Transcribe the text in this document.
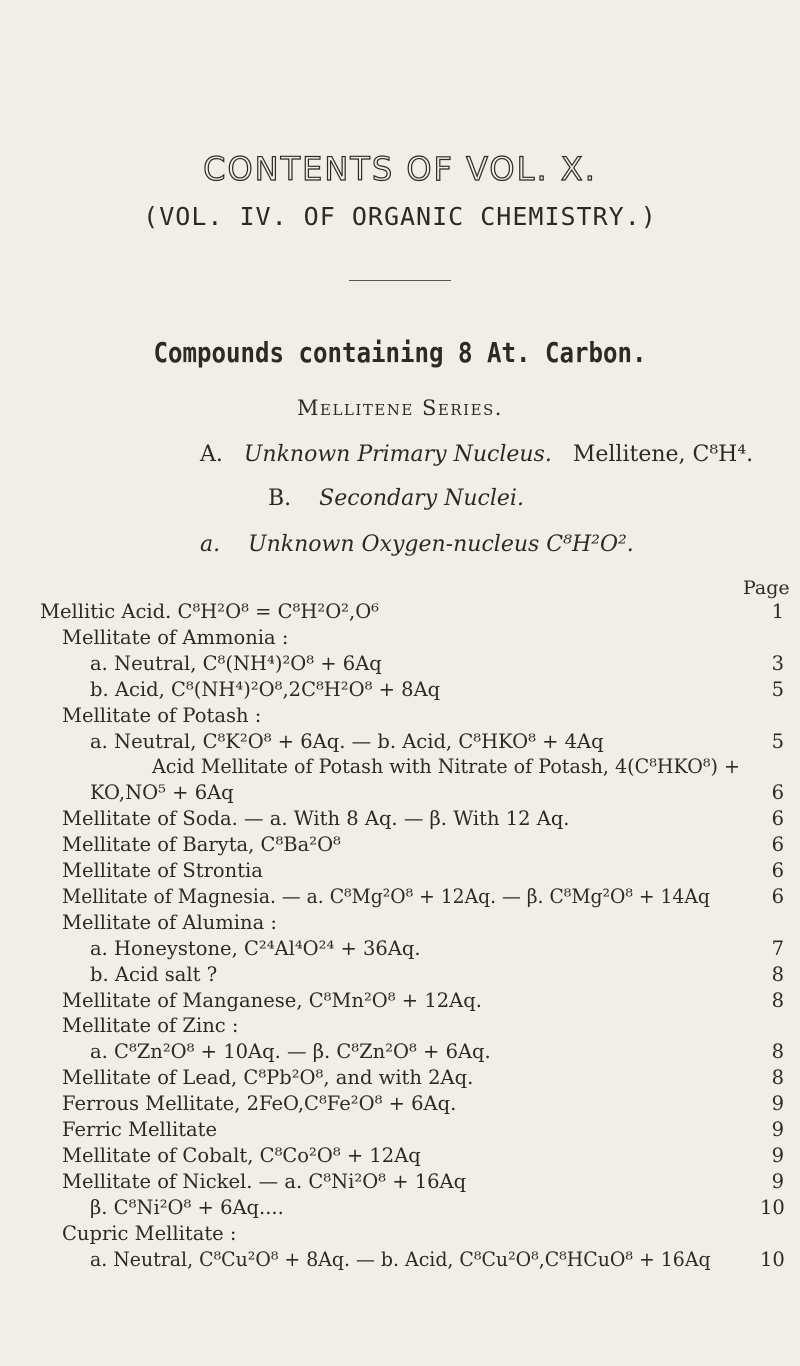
CONTENTS OF VOL. X.
(VOL. IV. OF ORGANIC CHEMISTRY.)
Compounds containing 8 At. Carbon.
Mellitene Series.
A. Unknown Primary Nucleus. Mellitene, C⁸H⁴.
B. Secondary Nuclei.
a. Unknown Oxygen-nucleus C⁸H²O².
Page
Mellitic Acid. C⁸H²O⁸ = C⁸H²O²,O⁶	1
Mellitate of Ammonia :
a. Neutral, C⁸(NH⁴)²O⁸ + 6Aq	3
b. Acid, C⁸(NH⁴)²O⁸,2C⁸H²O⁸ + 8Aq	5
Mellitate of Potash :
a. Neutral, C⁸K²O⁸ + 6Aq. — b. Acid, C⁸HKO⁸ + 4Aq	5
Acid Mellitate of Potash with Nitrate of Potash, 4(C⁸HKO⁸) +
KO,NO⁵ + 6Aq	6
Mellitate of Soda. — a. With 8 Aq. — β. With 12 Aq.	6
Mellitate of Baryta, C⁸Ba²O⁸	6
Mellitate of Strontia	6
Mellitate of Magnesia. — a. C⁸Mg²O⁸ + 12Aq. — β. C⁸Mg²O⁸ + 14Aq	6
Mellitate of Alumina :
a. Honeystone, C²⁴Al⁴O²⁴ + 36Aq.	7
b. Acid salt ?	8
Mellitate of Manganese, C⁸Mn²O⁸ + 12Aq.	8
Mellitate of Zinc :
a. C⁸Zn²O⁸ + 10Aq. — β. C⁸Zn²O⁸ + 6Aq.	8
Mellitate of Lead, C⁸Pb²O⁸, and with 2Aq.	8
Ferrous Mellitate, 2FeO,C⁸Fe²O⁸ + 6Aq.	9
Ferric Mellitate	9
Mellitate of Cobalt, C⁸Co²O⁸ + 12Aq	9
Mellitate of Nickel. — a. C⁸Ni²O⁸ + 16Aq	9
β. C⁸Ni²O⁸ + 6Aq....	10
Cupric Mellitate :
a. Neutral, C⁸Cu²O⁸ + 8Aq. — b. Acid, C⁸Cu²O⁸,C⁸HCuO⁸ + 16Aq	10
